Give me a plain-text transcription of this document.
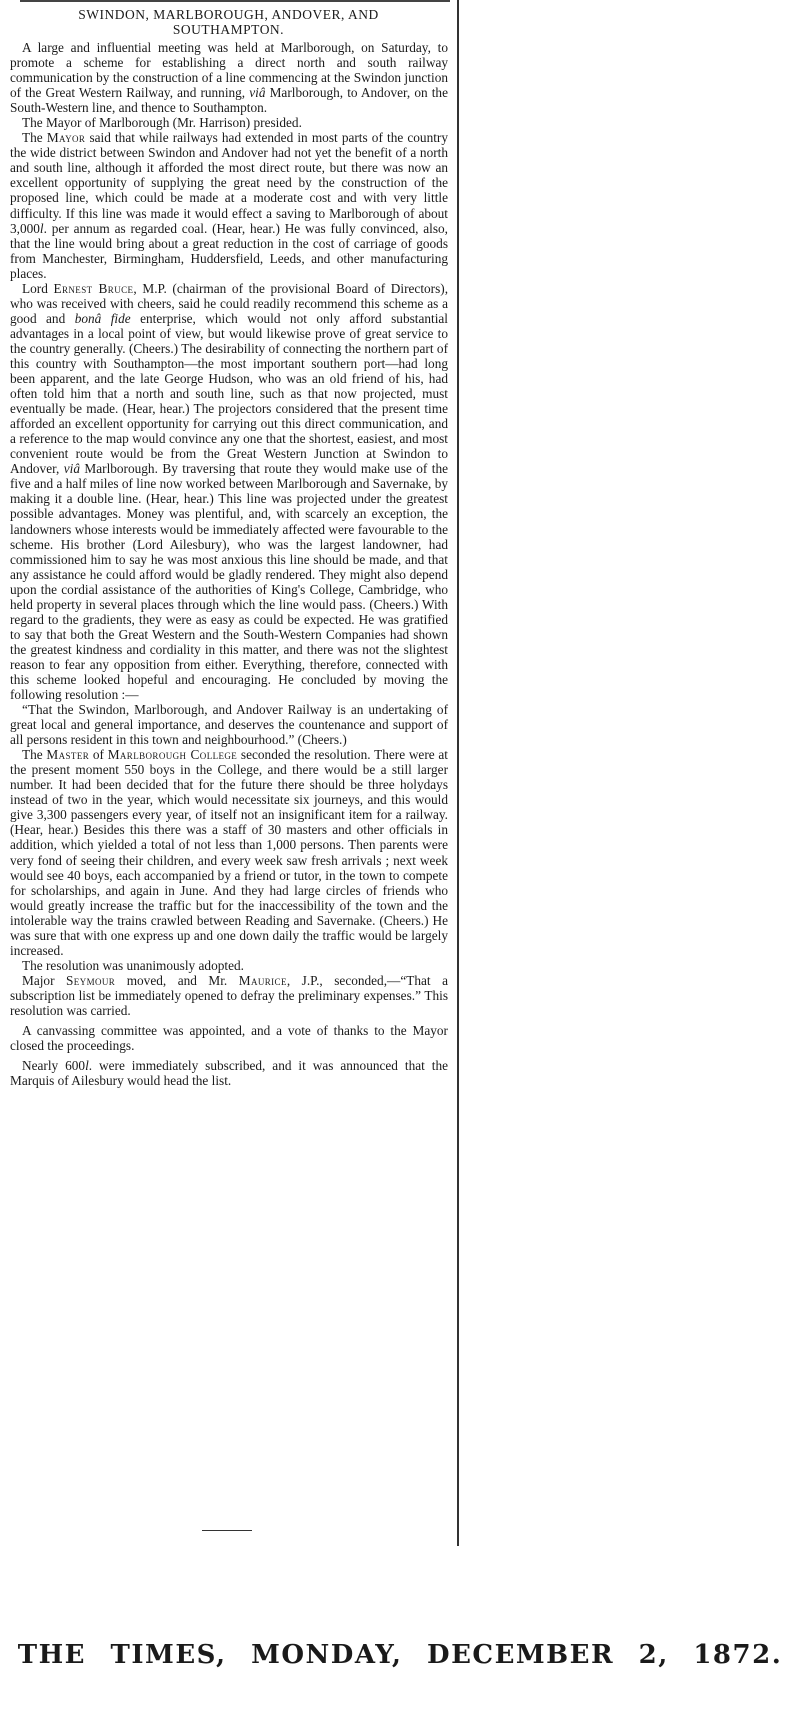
SWINDON, MARLBOROUGH, ANDOVER, AND
SOUTHAMPTON.

A large and influential meeting was held at Marlborough, on Saturday, to promote a scheme for establishing a direct north and south railway communication by the construction of a line commencing at the Swindon junction of the Great Western Railway, and running, viâ Marlborough, to Andover, on the South-Western line, and thence to Southampton.

The Mayor of Marlborough (Mr. Harrison) presided.

The Mayor said that while railways had extended in most parts of the country the wide district between Swindon and Andover had not yet the benefit of a north and south line, although it afforded the most direct route, but there was now an excellent opportunity of supplying the great need by the construction of the proposed line, which could be made at a moderate cost and with very little difficulty. If this line was made it would effect a saving to Marlborough of about 3,000l. per annum as regarded coal. (Hear, hear.) He was fully convinced, also, that the line would bring about a great reduction in the cost of carriage of goods from Manchester, Birmingham, Huddersfield, Leeds, and other manufacturing places.

Lord Ernest Bruce, M.P. (chairman of the provisional Board of Directors), who was received with cheers, said he could readily recommend this scheme as a good and bonâ fide enterprise, which would not only afford substantial advantages in a local point of view, but would likewise prove of great service to the country generally. (Cheers.) The desirability of connecting the northern part of this country with Southampton—the most important southern port—had long been apparent, and the late George Hudson, who was an old friend of his, had often told him that a north and south line, such as that now projected, must eventually be made. (Hear, hear.) The projectors considered that the present time afforded an excellent opportunity for carrying out this direct communication, and a reference to the map would convince any one that the shortest, easiest, and most convenient route would be from the Great Western Junction at Swindon to Andover, viâ Marlborough. By traversing that route they would make use of the five and a half miles of line now worked between Marlborough and Savernake, by making it a double line. (Hear, hear.) This line was projected under the greatest possible advantages. Money was plentiful, and, with scarcely an exception, the landowners whose interests would be immediately affected were favourable to the scheme. His brother (Lord Ailesbury), who was the largest landowner, had commissioned him to say he was most anxious this line should be made, and that any assistance he could afford would be gladly rendered. They might also depend upon the cordial assistance of the authorities of King's College, Cambridge, who held property in several places through which the line would pass. (Cheers.) With regard to the gradients, they were as easy as could be expected. He was gratified to say that both the Great Western and the South-Western Companies had shown the greatest kindness and cordiality in this matter, and there was not the slightest reason to fear any opposition from either. Everything, therefore, connected with this scheme looked hopeful and encouraging. He concluded by moving the following resolution :—

“That the Swindon, Marlborough, and Andover Railway is an undertaking of great local and general importance, and deserves the countenance and support of all persons resident in this town and neighbourhood.” (Cheers.)

The Master of Marlborough College seconded the resolution. There were at the present moment 550 boys in the College, and there would be a still larger number. It had been decided that for the future there should be three holydays instead of two in the year, which would necessitate six journeys, and this would give 3,300 passengers every year, of itself not an insignificant item for a railway. (Hear, hear.) Besides this there was a staff of 30 masters and other officials in addition, which yielded a total of not less than 1,000 persons. Then parents were very fond of seeing their children, and every week saw fresh arrivals ; next week would see 40 boys, each accompanied by a friend or tutor, in the town to compete for scholarships, and again in June. And they had large circles of friends who would greatly increase the traffic but for the inaccessibility of the town and the intolerable way the trains crawled between Reading and Savernake. (Cheers.) He was sure that with one express up and one down daily the traffic would be largely increased.

The resolution was unanimously adopted.

Major Seymour moved, and Mr. Maurice, J.P., seconded,—“That a subscription list be immediately opened to defray the preliminary expenses.” This resolution was carried.

A canvassing committee was appointed, and a vote of thanks to the Mayor closed the proceedings.

Nearly 600l. were immediately subscribed, and it was announced that the Marquis of Ailesbury would head the list.

THE TIMES, MONDAY, DECEMBER 2, 1872.
